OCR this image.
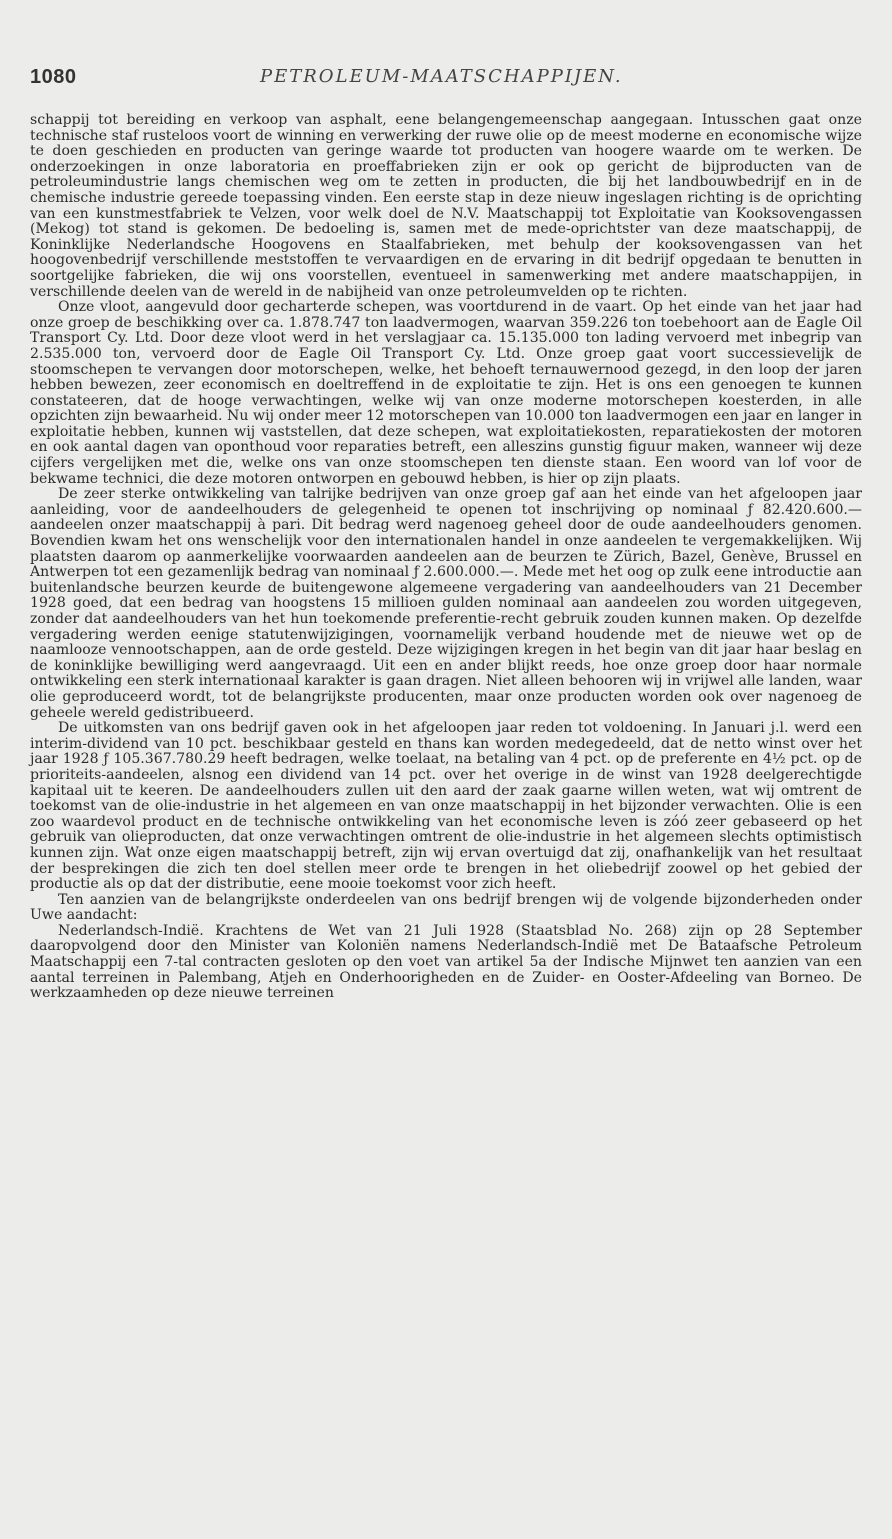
1080	PETROLEUM-MAATSCHAPPIJEN.

schappij tot bereiding en verkoop van asphalt, eene belangengemeenschap aangegaan. Intusschen gaat onze technische staf rusteloos voort de winning en verwerking der ruwe olie op de meest moderne en economische wijze te doen geschieden en producten van geringe waarde tot producten van hoogere waarde om te werken. De onderzoekingen in onze laboratoria en proeffabrieken zijn er ook op gericht de bijproducten van de petroleumindustrie langs chemischen weg om te zetten in producten, die bij het landbouwbedrijf en in de chemische industrie gereede toepassing vinden. Een eerste stap in deze nieuw ingeslagen richting is de oprichting van een kunstmestfabriek te Velzen, voor welk doel de N.V. Maatschappij tot Exploitatie van Kooksovengassen (Mekog) tot stand is gekomen. De bedoeling is, samen met de mede-oprichtster van deze maatschappij, de Koninklijke Nederlandsche Hoogovens en Staalfabrieken, met behulp der kooksovengassen van het hoogovenbedrijf verschillende meststoffen te vervaardigen en de ervaring in dit bedrijf opgedaan te benutten in soortgelijke fabrieken, die wij ons voorstellen, eventueel in samenwerking met andere maatschappijen, in verschillende deelen van de wereld in de nabijheid van onze petroleumvelden op te richten.

Onze vloot, aangevuld door gecharterde schepen, was voortdurend in de vaart. Op het einde van het jaar had onze groep de beschikking over ca. 1.878.747 ton laadvermogen, waarvan 359.226 ton toebehoort aan de Eagle Oil Transport Cy. Ltd. Door deze vloot werd in het verslagjaar ca. 15.135.000 ton lading vervoerd met inbegrip van 2.535.000 ton, vervoerd door de Eagle Oil Transport Cy. Ltd. Onze groep gaat voort successievelijk de stoomschepen te vervangen door motorschepen, welke, het behoeft ternauwernood gezegd, in den loop der jaren hebben bewezen, zeer economisch en doeltreffend in de exploitatie te zijn. Het is ons een genoegen te kunnen constateeren, dat de hooge verwachtingen, welke wij van onze moderne motorschepen koesterden, in alle opzichten zijn bewaarheid. Nu wij onder meer 12 motorschepen van 10.000 ton laadvermogen een jaar en langer in exploitatie hebben, kunnen wij vaststellen, dat deze schepen, wat exploitatiekosten, reparatiekosten der motoren en ook aantal dagen van oponthoud voor reparaties betreft, een alleszins gunstig figuur maken, wanneer wij deze cijfers vergelijken met die, welke ons van onze stoomschepen ten dienste staan. Een woord van lof voor de bekwame technici, die deze motoren ontworpen en gebouwd hebben, is hier op zijn plaats.

De zeer sterke ontwikkeling van talrijke bedrijven van onze groep gaf aan het einde van het afgeloopen jaar aanleiding, voor de aandeelhouders de gelegenheid te openen tot inschrijving op nominaal ƒ 82.420.600.— aandeelen onzer maatschappij à pari. Dit bedrag werd nagenoeg geheel door de oude aandeelhouders genomen. Bovendien kwam het ons wenschelijk voor den internationalen handel in onze aandeelen te vergemakkelijken. Wij plaatsten daarom op aanmerkelijke voorwaarden aandeelen aan de beurzen te Zürich, Bazel, Genève, Brussel en Antwerpen tot een gezamenlijk bedrag van nominaal ƒ 2.600.000.—. Mede met het oog op zulk eene introductie aan buitenlandsche beurzen keurde de buitengewone algemeene vergadering van aandeelhouders van 21 December 1928 goed, dat een bedrag van hoogstens 15 millioen gulden nominaal aan aandeelen zou worden uitgegeven, zonder dat aandeelhouders van het hun toekomende preferentie-recht gebruik zouden kunnen maken. Op dezelfde vergadering werden eenige statutenwijzigingen, voornamelijk verband houdende met de nieuwe wet op de naamlooze vennootschappen, aan de orde gesteld. Deze wijzigingen kregen in het begin van dit jaar haar beslag en de koninklijke bewilliging werd aangevraagd. Uit een en ander blijkt reeds, hoe onze groep door haar normale ontwikkeling een sterk internationaal karakter is gaan dragen. Niet alleen behooren wij in vrijwel alle landen, waar olie geproduceerd wordt, tot de belangrijkste producenten, maar onze producten worden ook over nagenoeg de geheele wereld gedistribueerd.

De uitkomsten van ons bedrijf gaven ook in het afgeloopen jaar reden tot voldoening. In Januari j.l. werd een interim-dividend van 10 pct. beschikbaar gesteld en thans kan worden medegedeeld, dat de netto winst over het jaar 1928 ƒ 105.367.780.29 heeft bedragen, welke toelaat, na betaling van 4 pct. op de preferente en 4½ pct. op de prioriteits-aandeelen, alsnog een dividend van 14 pct. over het overige in de winst van 1928 deelgerechtigde kapitaal uit te keeren. De aandeelhouders zullen uit den aard der zaak gaarne willen weten, wat wij omtrent de toekomst van de olie-industrie in het algemeen en van onze maatschappij in het bijzonder verwachten. Olie is een zoo waardevol product en de technische ontwikkeling van het economische leven is zóó zeer gebaseerd op het gebruik van olieproducten, dat onze verwachtingen omtrent de olie-industrie in het algemeen slechts optimistisch kunnen zijn. Wat onze eigen maatschappij betreft, zijn wij ervan overtuigd dat zij, onafhankelijk van het resultaat der besprekingen die zich ten doel stellen meer orde te brengen in het oliebedrijf zoowel op het gebied der productie als op dat der distributie, eene mooie toekomst voor zich heeft.

Ten aanzien van de belangrijkste onderdeelen van ons bedrijf brengen wij de volgende bijzonderheden onder Uwe aandacht:

Nederlandsch-Indië. Krachtens de Wet van 21 Juli 1928 (Staatsblad No. 268) zijn op 28 September daaropvolgend door den Minister van Koloniën namens Nederlandsch-Indië met De Bataafsche Petroleum Maatschappij een 7-tal contracten gesloten op den voet van artikel 5a der Indische Mijnwet ten aanzien van een aantal terreinen in Palembang, Atjeh en Onderhoorigheden en de Zuider- en Ooster-Afdeeling van Borneo. De werkzaamheden op deze nieuwe terreinen
